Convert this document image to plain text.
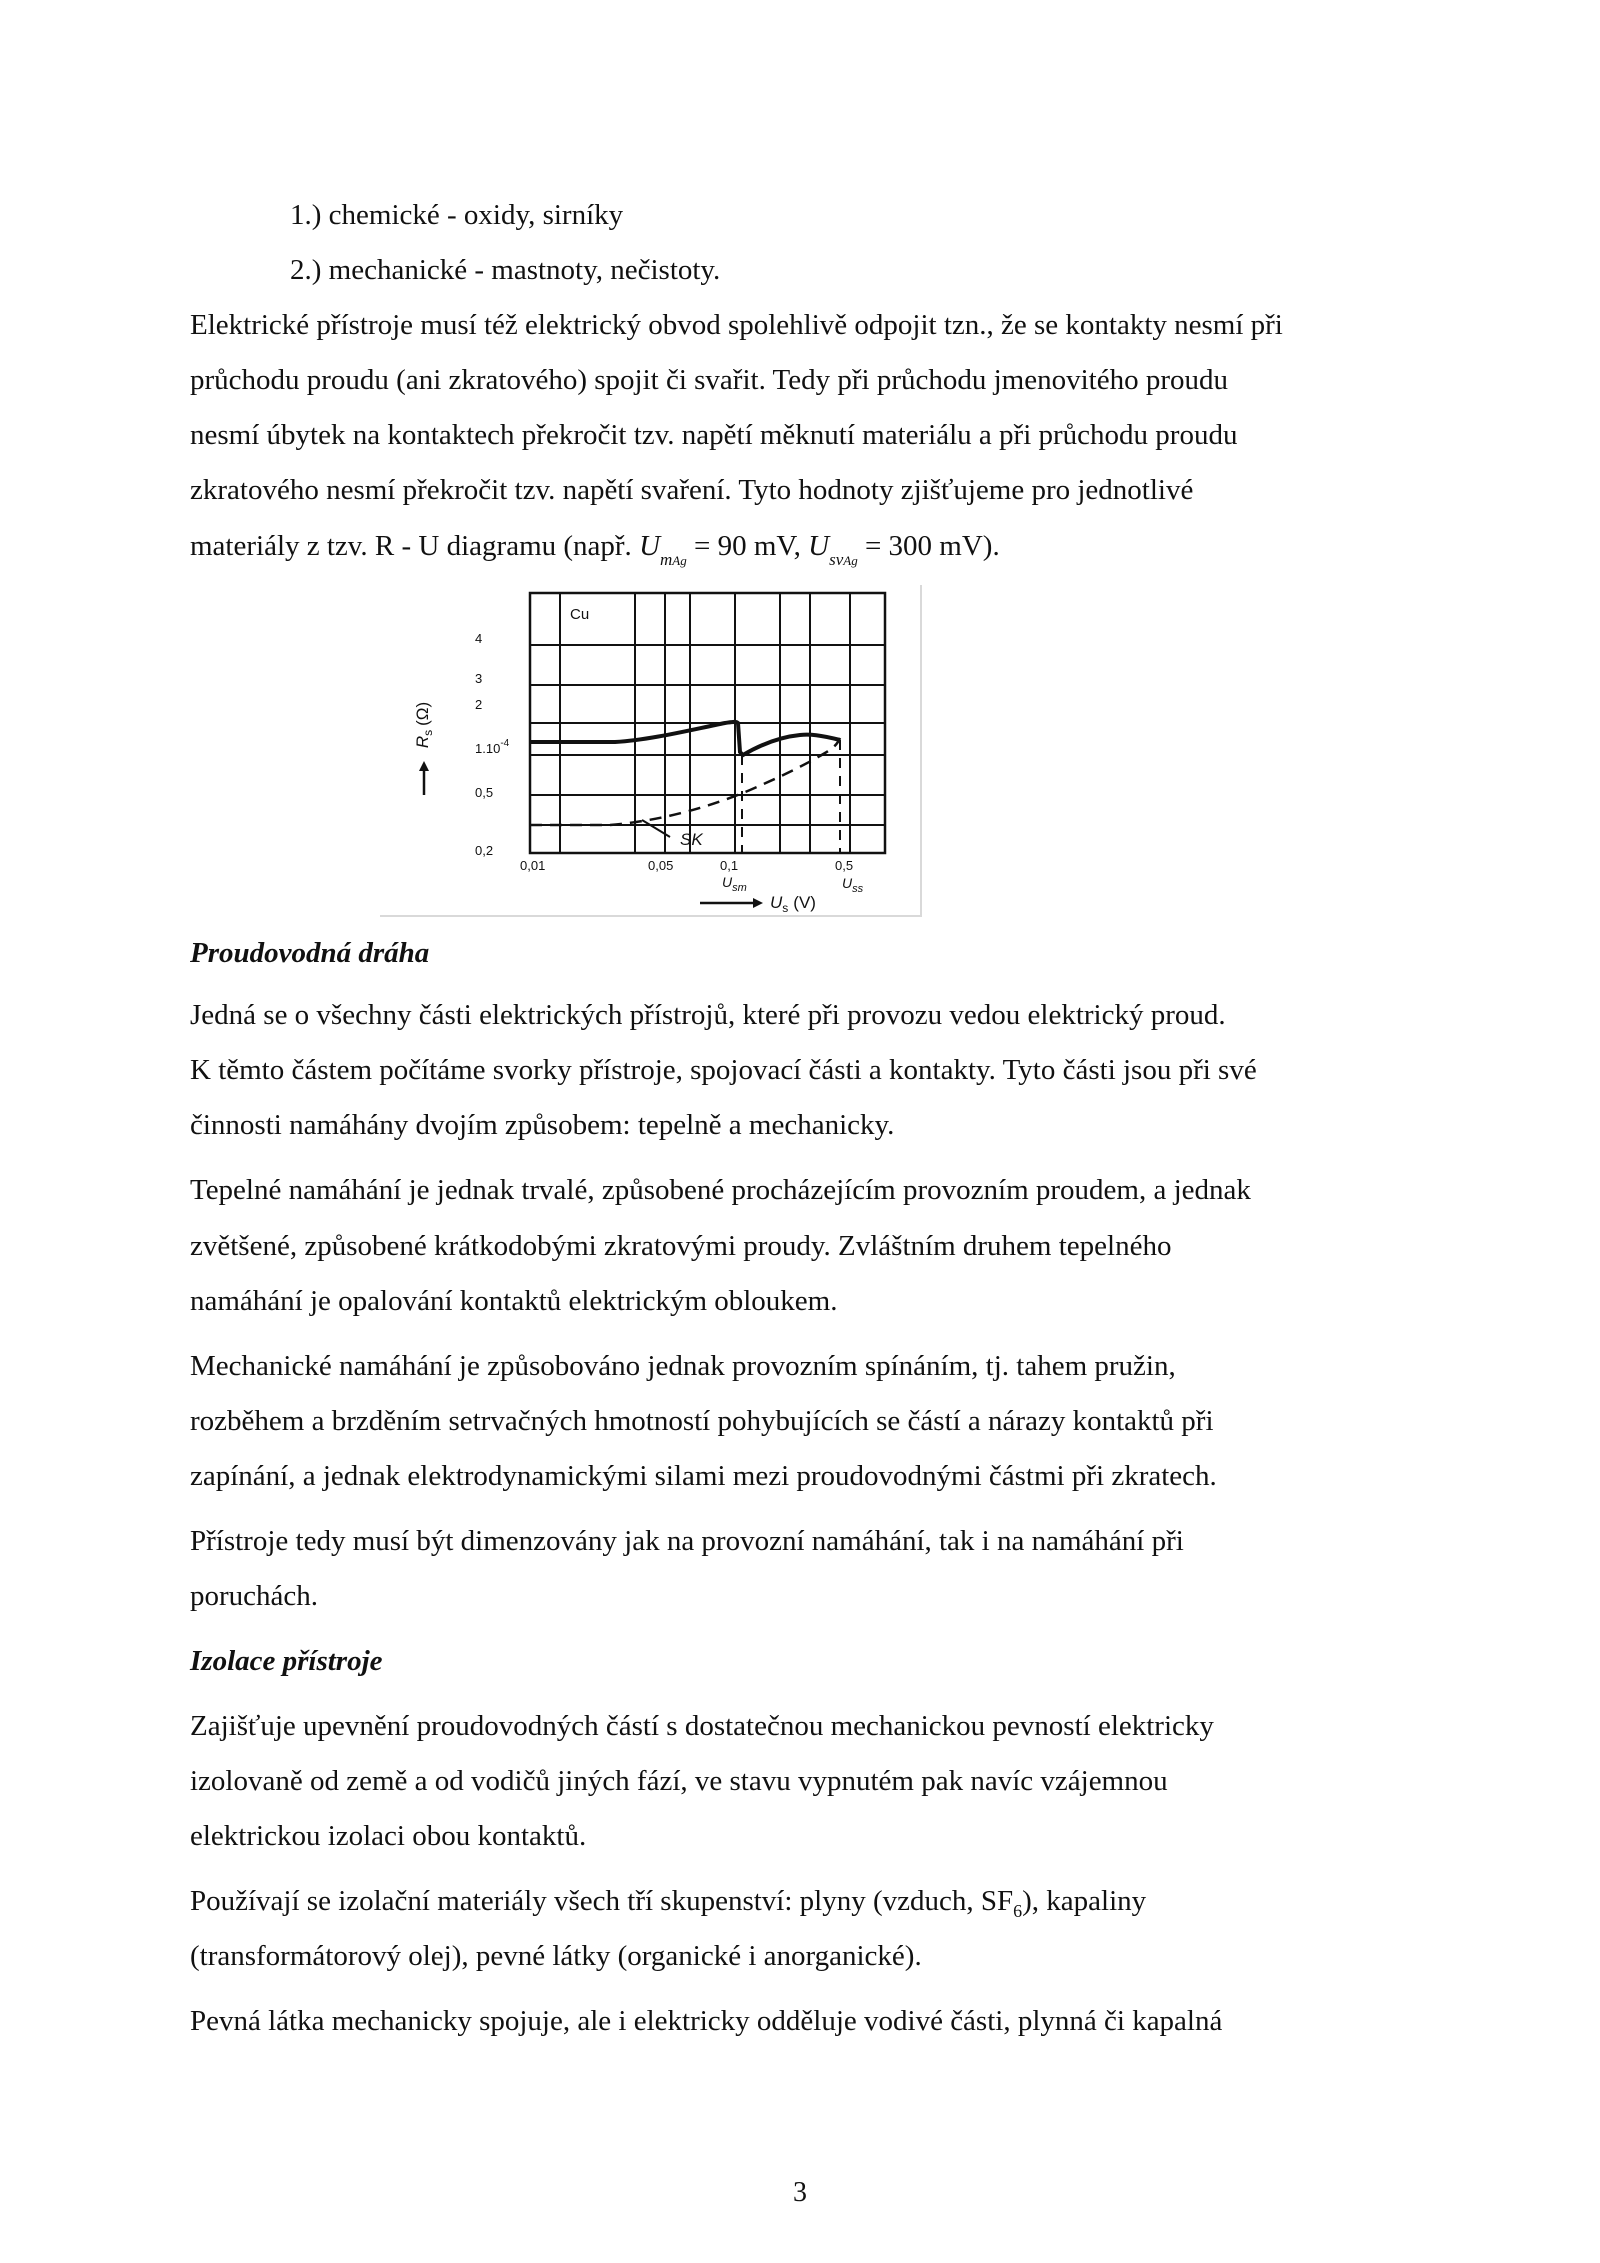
1.) chemické - oxidy, sirníky
2.) mechanické - mastnoty, nečistoty.
Elektrické přístroje musí též elektrický obvod spolehlivě odpojit tzn., že se kontakty nesmí při
průchodu proudu (ani zkratového) spojit či svařit. Tedy při průchodu jmenovitého proudu
nesmí úbytek na kontaktech překročit tzv. napětí měknutí materiálu a při průchodu proudu
zkratového nesmí překročit tzv. napětí svaření. Tyto hodnoty zjišťujeme pro jednotlivé
materiály z tzv. R - U diagramu (např. $U_{mAg} = 90$ mV, $U_{svAg} = 300$ mV).
Cu
SK
4
3
2
$1.10^{-4}$
0,5
0,2
$R_s(\Omega)$
0,01	0,05	0,1	0,5
$U_{sm}$	$U_{ss}$
$U_s$ (V)
Proudovodná dráha
Jedná se o všechny části elektrických přístrojů, které při provozu vedou elektrický proud.
K těmto částem počítáme svorky přístroje, spojovací části a kontakty. Tyto části jsou při své
činnosti namáhány dvojím způsobem: tepelně a mechanicky.
Tepelné namáhání je jednak trvalé, způsobené procházejícím provozním proudem, a jednak
zvětšené, způsobené krátkodobými zkratovými proudy. Zvláštním druhem tepelného
namáhání je opalování kontaktů elektrickým obloukem.
Mechanické namáhání je způsobováno jednak provozním spínáním, tj. tahem pružin,
rozběhem a brzděním setrvačných hmotností pohybujících se částí a nárazy kontaktů při
zapínání, a jednak elektrodynamickými silami mezi proudovodnými částmi při zkratech.
Přístroje tedy musí být dimenzovány jak na provozní namáhání, tak i na namáhání při
poruchách.
Izolace přístroje
Zajišťuje upevnění proudovodných částí s dostatečnou mechanickou pevností elektricky
izolovaně od země a od vodičů jiných fází, ve stavu vypnutém pak navíc vzájemnou
elektrickou izolaci obou kontaktů.
Používají se izolační materiály všech tří skupenství: plyny (vzduch, $SF_6$), kapaliny
(transformátorový olej), pevné látky (organické i anorganické).
Pevná látka mechanicky spojuje, ale i elektricky odděluje vodivé části, plynná či kapalná
3
